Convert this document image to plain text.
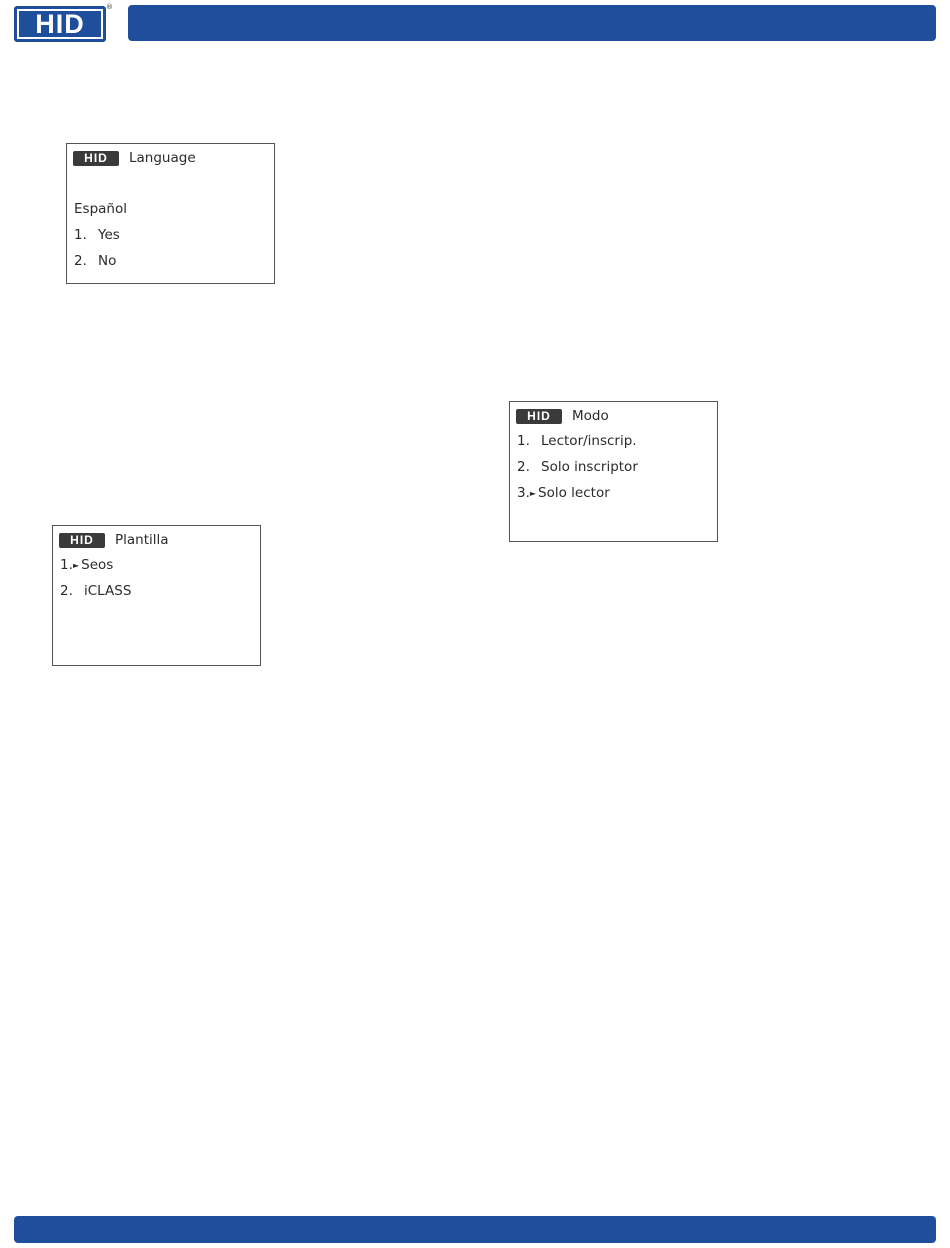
HID
®
HID	Language
Español
1. Yes
2. No
HID	Modo
1. Lector/inscrip.
2. Solo inscriptor
3.► Solo lector
HID	Plantilla
1.► Seos
2. iCLASS
